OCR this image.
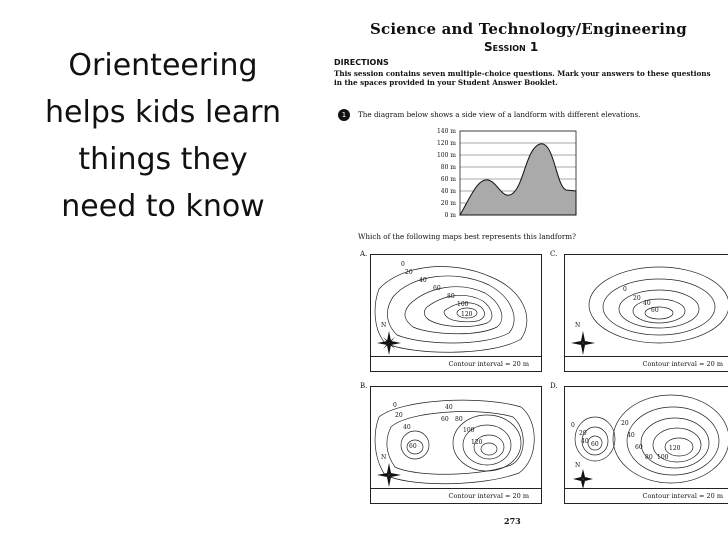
Orienteering
helps kids learn
things they
need to know
Science and Technology/Engineering
Session 1
DIRECTIONS
This session contains seven multiple-choice questions. Mark your answers to these questions in the spaces provided in your Student Answer Booklet.
1	The diagram below shows a side view of a landform with different elevations.
140 m
120 m
100 m
80 m
60 m
40 m
20 m
0 m
Which of the following maps best represents this landform?
A.
0
20
40
60
80
100
120
N
Contour interval = 20 m
C.
0
20
40
60
N
Contour interval = 20 m
B.
0
20
40
60
40
60 80
100
120
N
Contour interval = 20 m
D.
0
20
40 60
20
40
60
80 100
120
N
Contour interval = 20 m
273
